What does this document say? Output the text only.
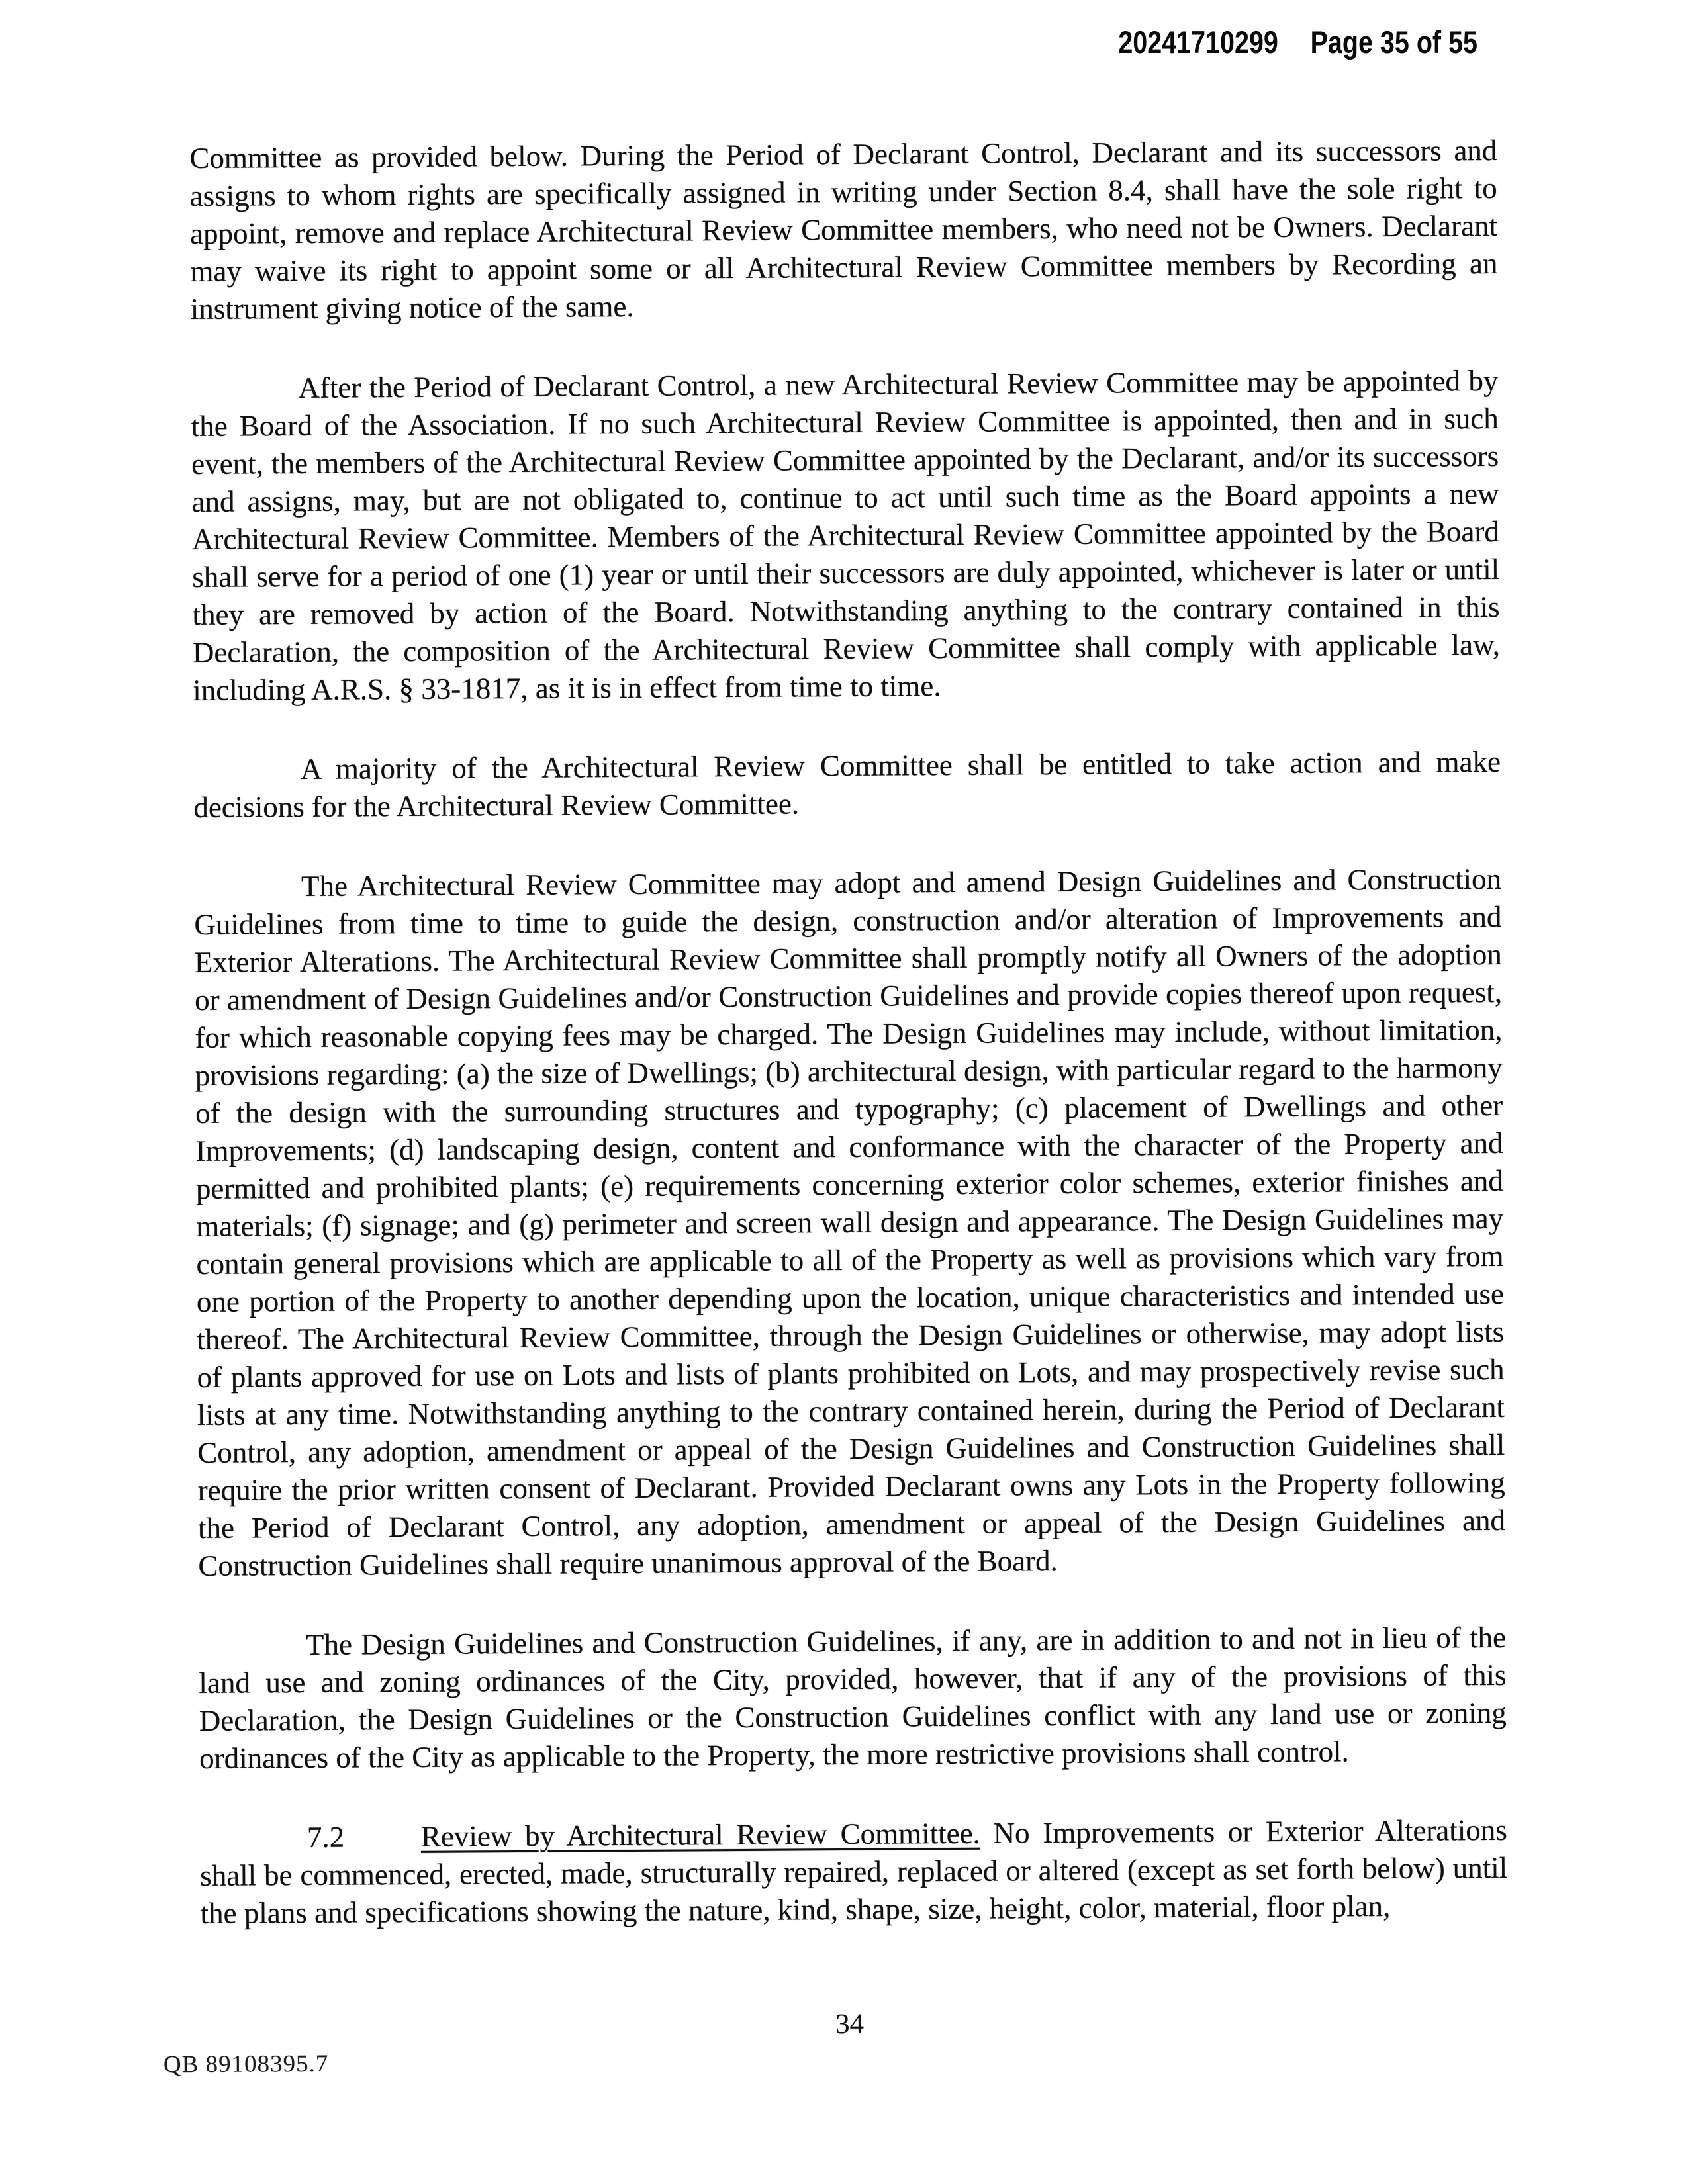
20241710299 Page 35 of 55

Committee as provided below. During the Period of Declarant Control, Declarant and its successors and assigns to whom rights are specifically assigned in writing under Section 8.4, shall have the sole right to appoint, remove and replace Architectural Review Committee members, who need not be Owners. Declarant may waive its right to appoint some or all Architectural Review Committee members by Recording an instrument giving notice of the same.

After the Period of Declarant Control, a new Architectural Review Committee may be appointed by the Board of the Association. If no such Architectural Review Committee is appointed, then and in such event, the members of the Architectural Review Committee appointed by the Declarant, and/or its successors and assigns, may, but are not obligated to, continue to act until such time as the Board appoints a new Architectural Review Committee. Members of the Architectural Review Committee appointed by the Board shall serve for a period of one (1) year or until their successors are duly appointed, whichever is later or until they are removed by action of the Board. Notwithstanding anything to the contrary contained in this Declaration, the composition of the Architectural Review Committee shall comply with applicable law, including A.R.S. § 33-1817, as it is in effect from time to time.

A majority of the Architectural Review Committee shall be entitled to take action and make decisions for the Architectural Review Committee.

The Architectural Review Committee may adopt and amend Design Guidelines and Construction Guidelines from time to time to guide the design, construction and/or alteration of Improvements and Exterior Alterations. The Architectural Review Committee shall promptly notify all Owners of the adoption or amendment of Design Guidelines and/or Construction Guidelines and provide copies thereof upon request, for which reasonable copying fees may be charged. The Design Guidelines may include, without limitation, provisions regarding: (a) the size of Dwellings; (b) architectural design, with particular regard to the harmony of the design with the surrounding structures and typography; (c) placement of Dwellings and other Improvements; (d) landscaping design, content and conformance with the character of the Property and permitted and prohibited plants; (e) requirements concerning exterior color schemes, exterior finishes and materials; (f) signage; and (g) perimeter and screen wall design and appearance. The Design Guidelines may contain general provisions which are applicable to all of the Property as well as provisions which vary from one portion of the Property to another depending upon the location, unique characteristics and intended use thereof. The Architectural Review Committee, through the Design Guidelines or otherwise, may adopt lists of plants approved for use on Lots and lists of plants prohibited on Lots, and may prospectively revise such lists at any time. Notwithstanding anything to the contrary contained herein, during the Period of Declarant Control, any adoption, amendment or appeal of the Design Guidelines and Construction Guidelines shall require the prior written consent of Declarant. Provided Declarant owns any Lots in the Property following the Period of Declarant Control, any adoption, amendment or appeal of the Design Guidelines and Construction Guidelines shall require unanimous approval of the Board.

The Design Guidelines and Construction Guidelines, if any, are in addition to and not in lieu of the land use and zoning ordinances of the City, provided, however, that if any of the provisions of this Declaration, the Design Guidelines or the Construction Guidelines conflict with any land use or zoning ordinances of the City as applicable to the Property, the more restrictive provisions shall control.

7.2	Review by Architectural Review Committee. No Improvements or Exterior Alterations shall be commenced, erected, made, structurally repaired, replaced or altered (except as set forth below) until the plans and specifications showing the nature, kind, shape, size, height, color, material, floor plan,

34
QB 89108395.7
